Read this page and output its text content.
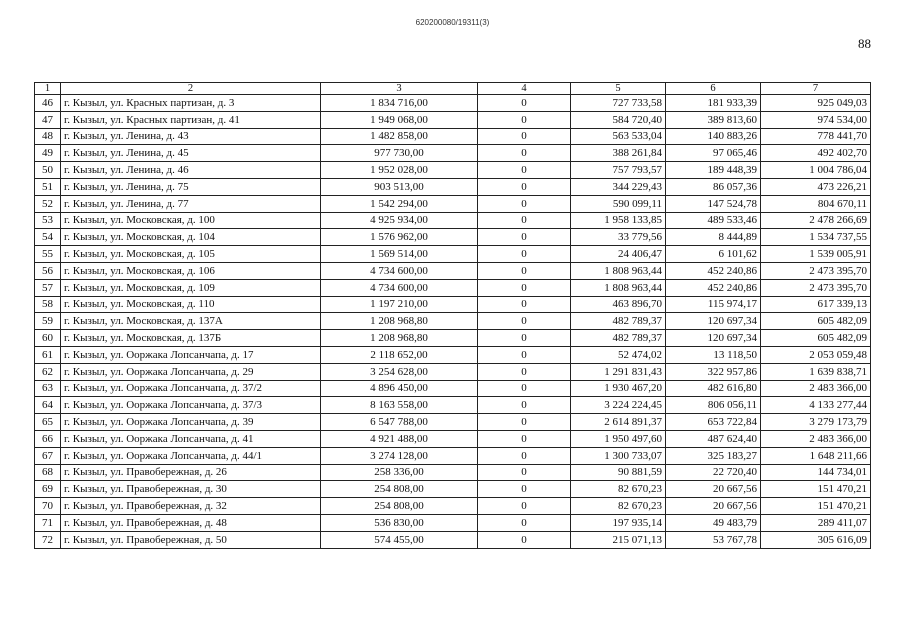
620200080/19311(3)
88
1	2	3	4	5	6	7
46	г. Кызыл, ул. Красных партизан, д. 3	1 834 716,00	0	727 733,58	181 933,39	925 049,03
47	г. Кызыл, ул. Красных партизан, д. 41	1 949 068,00	0	584 720,40	389 813,60	974 534,00
48	г. Кызыл, ул. Ленина, д. 43	1 482 858,00	0	563 533,04	140 883,26	778 441,70
49	г. Кызыл, ул. Ленина, д. 45	977 730,00	0	388 261,84	97 065,46	492 402,70
50	г. Кызыл, ул. Ленина, д. 46	1 952 028,00	0	757 793,57	189 448,39	1 004 786,04
51	г. Кызыл, ул. Ленина, д. 75	903 513,00	0	344 229,43	86 057,36	473 226,21
52	г. Кызыл, ул. Ленина, д. 77	1 542 294,00	0	590 099,11	147 524,78	804 670,11
53	г. Кызыл, ул. Московская, д. 100	4 925 934,00	0	1 958 133,85	489 533,46	2 478 266,69
54	г. Кызыл, ул. Московская, д. 104	1 576 962,00	0	33 779,56	8 444,89	1 534 737,55
55	г. Кызыл, ул. Московская, д. 105	1 569 514,00	0	24 406,47	6 101,62	1 539 005,91
56	г. Кызыл, ул. Московская, д. 106	4 734 600,00	0	1 808 963,44	452 240,86	2 473 395,70
57	г. Кызыл, ул. Московская, д. 109	4 734 600,00	0	1 808 963,44	452 240,86	2 473 395,70
58	г. Кызыл, ул. Московская, д. 110	1 197 210,00	0	463 896,70	115 974,17	617 339,13
59	г. Кызыл, ул. Московская, д. 137А	1 208 968,80	0	482 789,37	120 697,34	605 482,09
60	г. Кызыл, ул. Московская, д. 137Б	1 208 968,80	0	482 789,37	120 697,34	605 482,09
61	г. Кызыл, ул. Ооржака Лопсанчапа, д. 17	2 118 652,00	0	52 474,02	13 118,50	2 053 059,48
62	г. Кызыл, ул. Ооржака Лопсанчапа, д. 29	3 254 628,00	0	1 291 831,43	322 957,86	1 639 838,71
63	г. Кызыл, ул. Ооржака Лопсанчапа, д. 37/2	4 896 450,00	0	1 930 467,20	482 616,80	2 483 366,00
64	г. Кызыл, ул. Ооржака Лопсанчапа, д. 37/3	8 163 558,00	0	3 224 224,45	806 056,11	4 133 277,44
65	г. Кызыл, ул. Ооржака Лопсанчапа, д. 39	6 547 788,00	0	2 614 891,37	653 722,84	3 279 173,79
66	г. Кызыл, ул. Ооржака Лопсанчапа, д. 41	4 921 488,00	0	1 950 497,60	487 624,40	2 483 366,00
67	г. Кызыл, ул. Ооржака Лопсанчапа, д. 44/1	3 274 128,00	0	1 300 733,07	325 183,27	1 648 211,66
68	г. Кызыл, ул. Правобережная, д. 26	258 336,00	0	90 881,59	22 720,40	144 734,01
69	г. Кызыл, ул. Правобережная, д. 30	254 808,00	0	82 670,23	20 667,56	151 470,21
70	г. Кызыл, ул. Правобережная, д. 32	254 808,00	0	82 670,23	20 667,56	151 470,21
71	г. Кызыл, ул. Правобережная, д. 48	536 830,00	0	197 935,14	49 483,79	289 411,07
72	г. Кызыл, ул. Правобережная, д. 50	574 455,00	0	215 071,13	53 767,78	305 616,09
